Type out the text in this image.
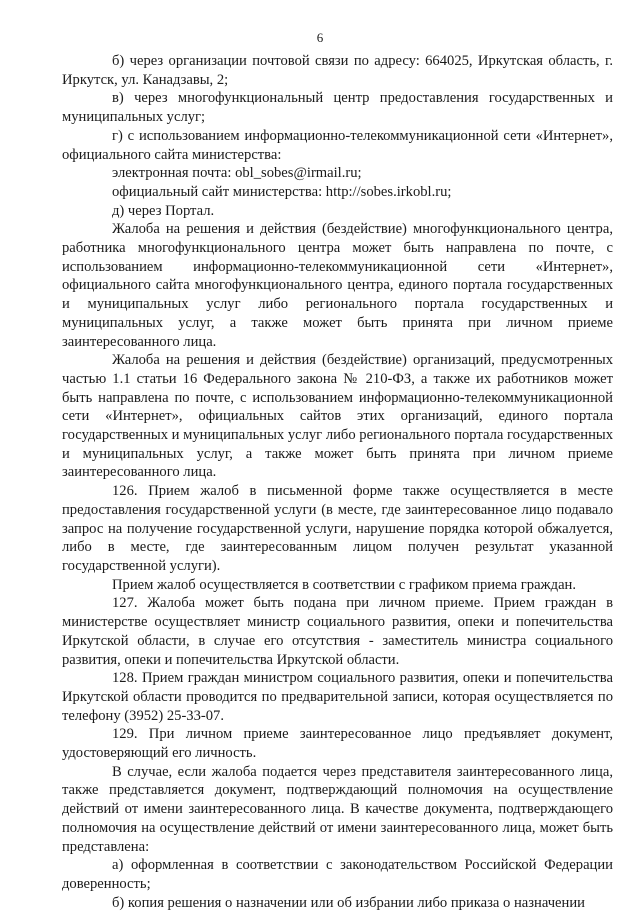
6

б) через организации почтовой связи по адресу: 664025, Иркутская область, г. Иркутск, ул. Канадзавы, 2;

в) через многофункциональный центр предоставления государственных и муниципальных услуг;

г) с использованием информационно-телекоммуникационной сети «Интернет», официального сайта министерства:

электронная почта: obl_sobes@irmail.ru;

официальный сайт министерства: http://sobes.irkobl.ru;

д) через Портал.

Жалоба на решения и действия (бездействие) многофункционального центра, работника многофункционального центра может быть направлена по почте, с использованием информационно-телекоммуникационной сети «Интернет», официального сайта многофункционального центра, единого портала государственных и муниципальных услуг либо регионального портала государственных и муниципальных услуг, а также может быть принята при личном приеме заинтересованного лица.

Жалоба на решения и действия (бездействие) организаций, предусмотренных частью 1.1 статьи 16 Федерального закона № 210-ФЗ, а также их работников может быть направлена по почте, с использованием информационно-телекоммуникационной сети «Интернет», официальных сайтов этих организаций, единого портала государственных и муниципальных услуг либо регионального портала государственных и муниципальных услуг, а также может быть принята при личном приеме заинтересованного лица.

126. Прием жалоб в письменной форме также осуществляется в месте предоставления государственной услуги (в месте, где заинтересованное лицо подавало запрос на получение государственной услуги, нарушение порядка которой обжалуется, либо в месте, где заинтересованным лицом получен результат указанной государственной услуги).

Прием жалоб осуществляется в соответствии с графиком приема граждан.

127. Жалоба может быть подана при личном приеме. Прием граждан в министерстве осуществляет министр социального развития, опеки и попечительства Иркутской области, в случае его отсутствия - заместитель министра социального развития, опеки и попечительства Иркутской области.

128. Прием граждан министром социального развития, опеки и попечительства Иркутской области проводится по предварительной записи, которая осуществляется по телефону (3952) 25-33-07.

129. При личном приеме заинтересованное лицо предъявляет документ, удостоверяющий его личность.

В случае, если жалоба подается через представителя заинтересованного лица, также представляется документ, подтверждающий полномочия на осуществление действий от имени заинтересованного лица. В качестве документа, подтверждающего полномочия на осуществление действий от имени заинтересованного лица, может быть представлена:

а) оформленная в соответствии с законодательством Российской Федерации доверенность;

б) копия решения о назначении или об избрании либо приказа о назначении
